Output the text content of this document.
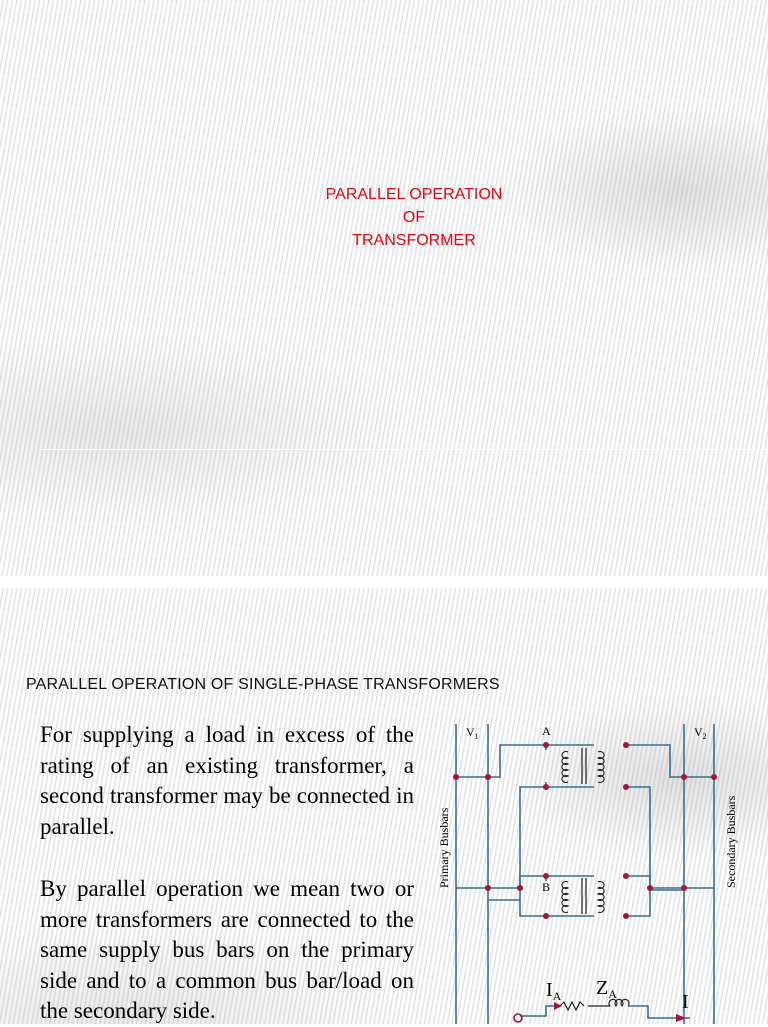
PARALLEL OPERATION
OF
TRANSFORMER
PARALLEL OPERATION OF SINGLE-PHASE TRANSFORMERS
For supplying a load in excess of the rating of an existing transformer, a second transformer may be connected in parallel.
By parallel operation we mean two or more transformers are connected to the same supply bus bars on the primary side and to a common bus bar/load on the secondary side.
$V_1$	$V_2$
A
B
Primary Busbars	Secondary Busbars
$I_A$ $Z_A$	I
